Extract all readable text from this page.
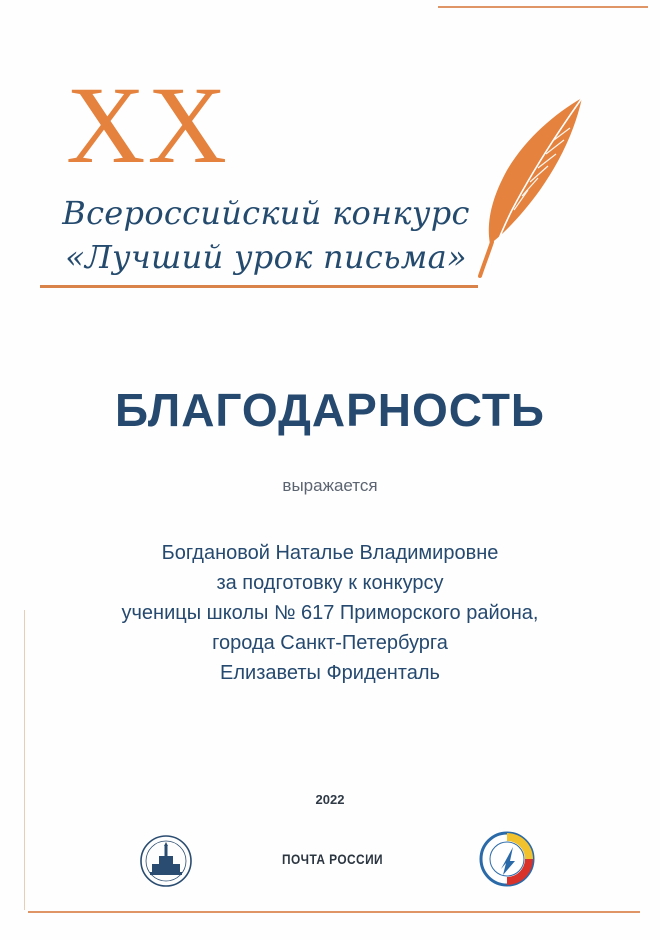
XX
Всероссийский конкурс
«Лучший урок письма»
БЛАГОДАРНОСТЬ
выражается
Богдановой Наталье Владимировне
за подготовку к конкурсу
ученицы школы № 617 Приморского района,
города Санкт-Петербурга
Елизаветы Фриденталь
2022
ПОЧТА РОССИИ
